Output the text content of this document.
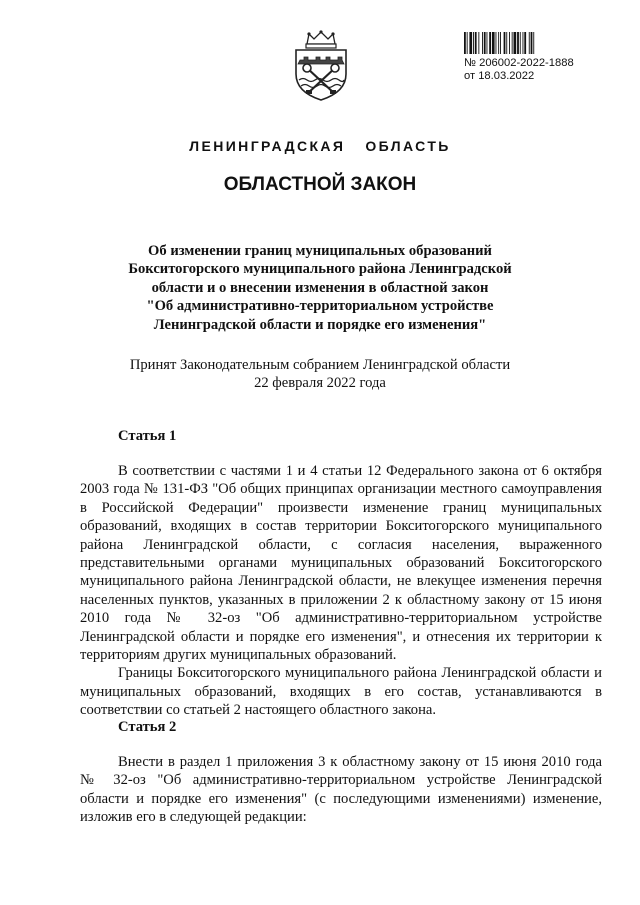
№ 206002-2022-1888
от 18.03.2022
ЛЕНИНГРАДСКАЯ ОБЛАСТЬ
ОБЛАСТНОЙ ЗАКОН
Об изменении границ муниципальных образований
Бокситогорского муниципального района Ленинградской
области и о внесении изменения в областной закон
"Об административно-территориальном устройстве
Ленинградской области и порядке его изменения"
Принят Законодательным собранием Ленинградской области
22 февраля 2022 года
Статья 1

В соответствии с частями 1 и 4 статьи 12 Федерального закона от 6 октября 2003 года № 131-ФЗ "Об общих принципах организации местного самоуправления в Российской Федерации" произвести изменение границ муниципальных образований, входящих в состав территории Бокситогорского муниципального района Ленинградской области, с согласия населения, выраженного представительными органами муниципальных образований Бокситогорского муниципального района Ленинградской области, не влекущее изменения перечня населенных пунктов, указанных в приложении 2 к областному закону от 15 июня 2010 года № 32-оз "Об административно-территориальном устройстве Ленинградской области и порядке его изменения", и отнесения их территории к территориям других муниципальных образований.

Границы Бокситогорского муниципального района Ленинградской области и муниципальных образований, входящих в его состав, устанавливаются в соответствии со статьей 2 настоящего областного закона.

Статья 2

Внести в раздел 1 приложения 3 к областному закону от 15 июня 2010 года № 32-оз "Об административно-территориальном устройстве Ленинградской области и порядке его изменения" (с последующими изменениями) изменение, изложив его в следующей редакции:
